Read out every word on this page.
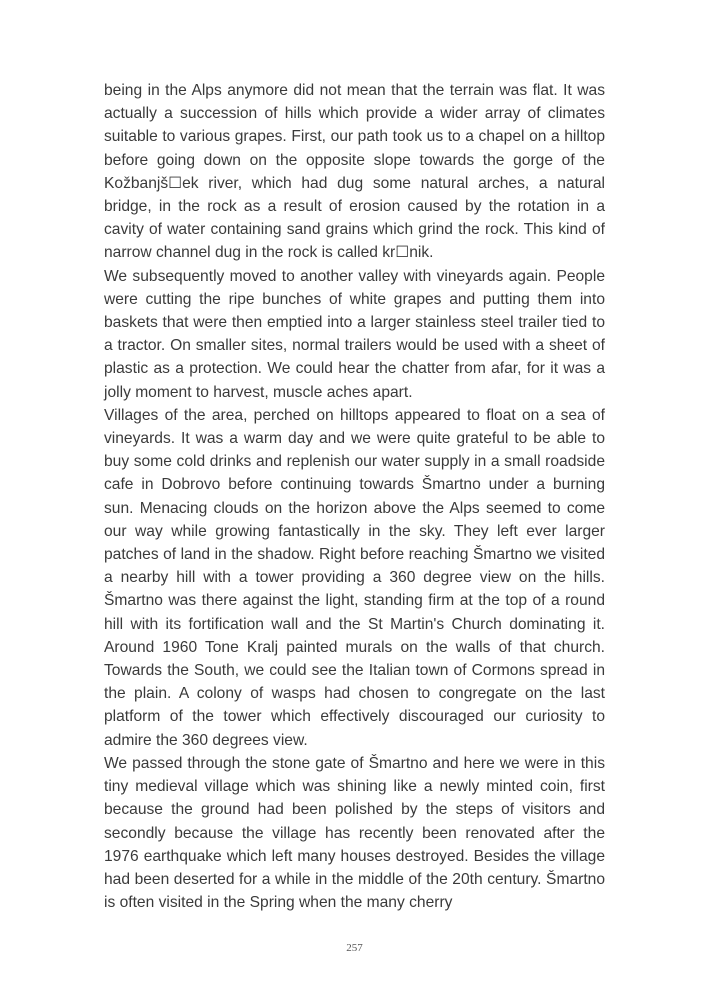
being in the Alps anymore did not mean that the terrain was flat. It was actually a succession of hills which provide a wider array of climates suitable to various grapes. First, our path took us to a chapel on a hilltop before going down on the opposite slope towards the gorge of the Kožbanjš☐ek river, which had dug some natural arches, a natural bridge, in the rock as a result of erosion caused by the rotation in a cavity of water containing sand grains which grind the rock. This kind of narrow channel dug in the rock is called kr☐nik.

We subsequently moved to another valley with vineyards again. People were cutting the ripe bunches of white grapes and putting them into baskets that were then emptied into a larger stainless steel trailer tied to a tractor. On smaller sites, normal trailers would be used with a sheet of plastic as a protection. We could hear the chatter from afar, for it was a jolly moment to harvest, muscle aches apart.

Villages of the area, perched on hilltops appeared to float on a sea of vineyards. It was a warm day and we were quite grateful to be able to buy some cold drinks and replenish our water supply in a small roadside cafe in Dobrovo before continuing towards Šmartno under a burning sun. Menacing clouds on the horizon above the Alps seemed to come our way while growing fantastically in the sky. They left ever larger patches of land in the shadow. Right before reaching Šmartno we visited a nearby hill with a tower providing a 360 degree view on the hills. Šmartno was there against the light, standing firm at the top of a round hill with its fortification wall and the St Martin's Church dominating it. Around 1960 Tone Kralj painted murals on the walls of that church. Towards the South, we could see the Italian town of Cormons spread in the plain. A colony of wasps had chosen to congregate on the last platform of the tower which effectively discouraged our curiosity to admire the 360 degrees view.

We passed through the stone gate of Šmartno and here we were in this tiny medieval village which was shining like a newly minted coin, first because the ground had been polished by the steps of visitors and secondly because the village has recently been renovated after the 1976 earthquake which left many houses destroyed. Besides the village had been deserted for a while in the middle of the 20th century. Šmartno is often visited in the Spring when the many cherry

257
